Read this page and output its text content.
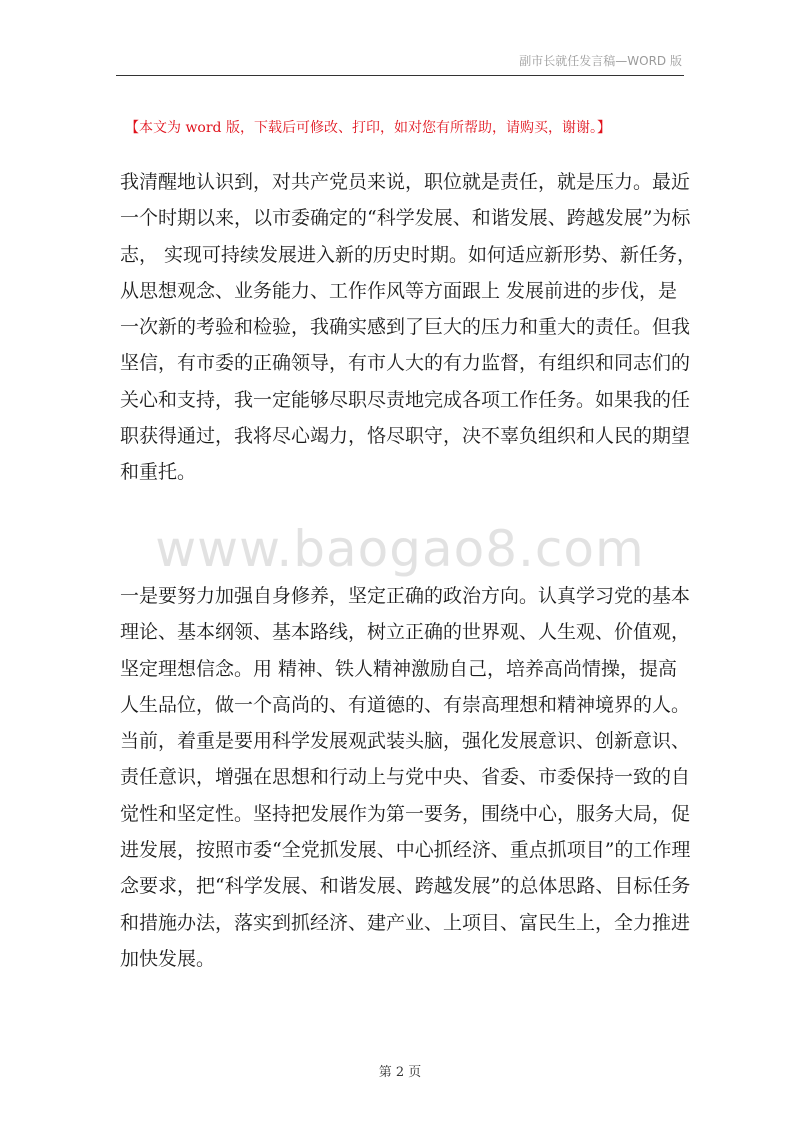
副市长就任发言稿—WORD 版
【本文为 word 版，下载后可修改、打印，如对您有所帮助，请购买，谢谢。】
我清醒地认识到，对共产党员来说，职位就是责任，就是压力。最近
一个时期以来，以市委确定的“科学发展、和谐发展、跨越发展”为标
志， 实现可持续发展进入新的历史时期。如何适应新形势、新任务，
从思想观念、业务能力、工作作风等方面跟上 发展前进的步伐，是
一次新的考验和检验，我确实感到了巨大的压力和重大的责任。但我
坚信，有市委的正确领导，有市人大的有力监督，有组织和同志们的
关心和支持，我一定能够尽职尽责地完成各项工作任务。如果我的任
职获得通过，我将尽心竭力，恪尽职守，决不辜负组织和人民的期望
和重托。
www.baogao8.com
一是要努力加强自身修养，坚定正确的政治方向。认真学习党的基本
理论、基本纲领、基本路线，树立正确的世界观、人生观、价值观，
坚定理想信念。用 精神、铁人精神激励自己，培养高尚情操，提高
人生品位，做一个高尚的、有道德的、有崇高理想和精神境界的人。
当前，着重是要用科学发展观武装头脑，强化发展意识、创新意识、
责任意识，增强在思想和行动上与党中央、省委、市委保持一致的自
觉性和坚定性。坚持把发展作为第一要务，围绕中心，服务大局，促
进发展，按照市委“全党抓发展、中心抓经济、重点抓项目”的工作理
念要求，把“科学发展、和谐发展、跨越发展”的总体思路、目标任务
和措施办法，落实到抓经济、建产业、上项目、富民生上，全力推进
加快发展。
第 2 页
